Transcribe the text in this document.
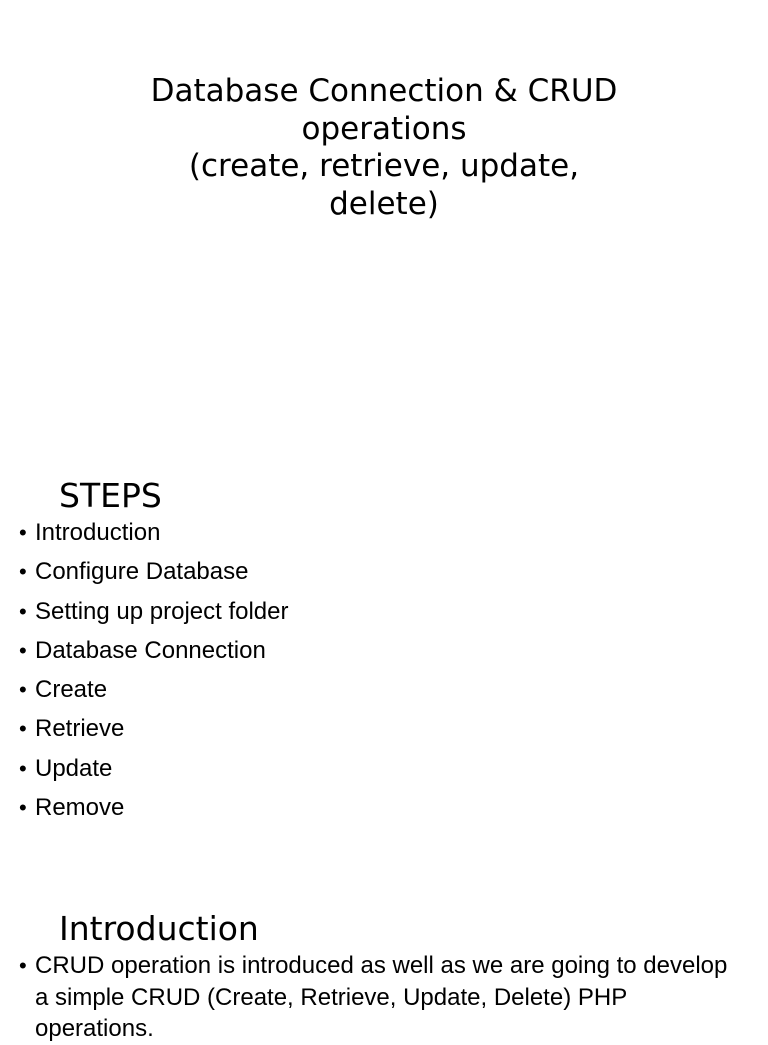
Database Connection & CRUD
operations
(create, retrieve, update,
delete)
STEPS
• Introduction
• Configure Database
• Setting up project folder
• Database Connection
• Create
• Retrieve
• Update
• Remove
Introduction
• CRUD operation is introduced as well as we are going to develop a simple CRUD (Create, Retrieve, Update, Delete) PHP operations.
